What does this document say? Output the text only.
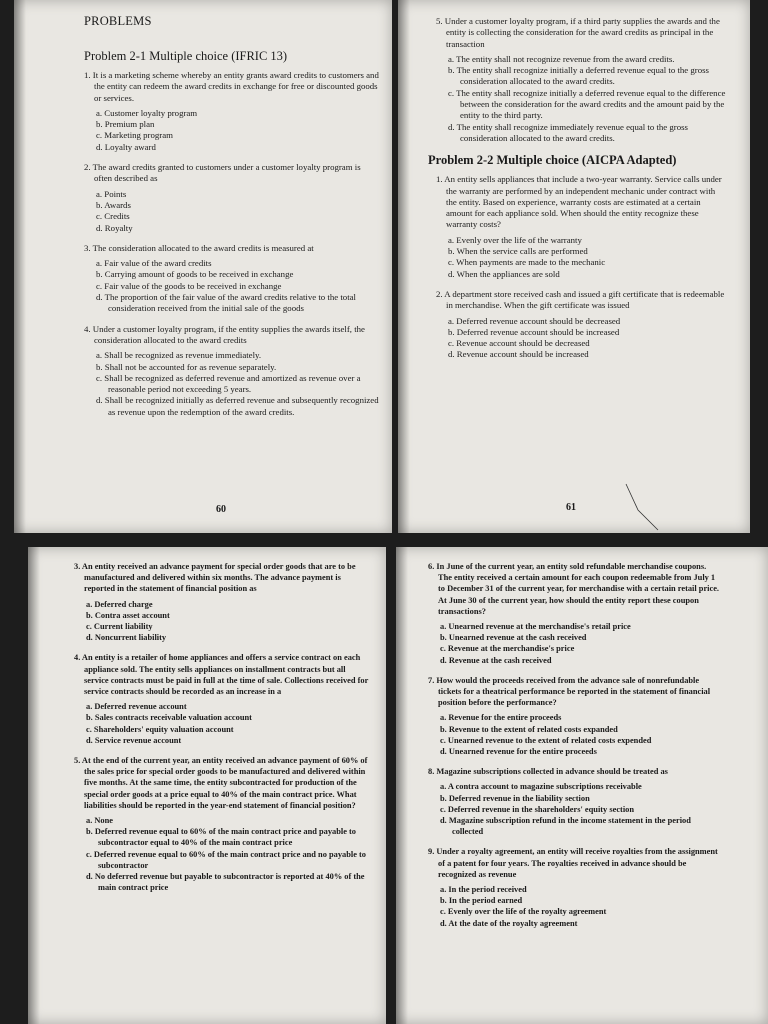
PROBLEMS
Problem 2-1 Multiple choice (IFRIC 13)
1. It is a marketing scheme whereby an entity grants award credits to customers and the entity can redeem the award credits in exchange for free or discounted goods or services.
a. Customer loyalty program
b. Premium plan
c. Marketing program
d. Loyalty award
2. The award credits granted to customers under a customer loyalty program is often described as
a. Points
b. Awards
c. Credits
d. Royalty
3. The consideration allocated to the award credits is measured at
a. Fair value of the award credits
b. Carrying amount of goods to be received in exchange
c. Fair value of the goods to be received in exchange
d. The proportion of the fair value of the award credits relative to the total consideration received from the initial sale of the goods
4. Under a customer loyalty program, if the entity supplies the awards itself, the consideration allocated to the award credits
a. Shall be recognized as revenue immediately.
b. Shall not be accounted for as revenue separately.
c. Shall be recognized as deferred revenue and amortized as revenue over a reasonable period not exceeding 5 years.
d. Shall be recognized initially as deferred revenue and subsequently recognized as revenue upon the redemption of the award credits.
60
5. Under a customer loyalty program, if a third party supplies the awards and the entity is collecting the consideration for the award credits as principal in the transaction
a. The entity shall not recognize revenue from the award credits.
b. The entity shall recognize initially a deferred revenue equal to the gross consideration allocated to the award credits.
c. The entity shall recognize initially a deferred revenue equal to the difference between the consideration for the award credits and the amount paid by the entity to the third party.
d. The entity shall recognize immediately revenue equal to the gross consideration allocated to the award credits.
Problem 2-2 Multiple choice (AICPA Adapted)
1. An entity sells appliances that include a two-year warranty. Service calls under the warranty are performed by an independent mechanic under contract with the entity. Based on experience, warranty costs are estimated at a certain amount for each appliance sold. When should the entity recognize these warranty costs?
a. Evenly over the life of the warranty
b. When the service calls are performed
c. When payments are made to the mechanic
d. When the appliances are sold
2. A department store received cash and issued a gift certificate that is redeemable in merchandise. When the gift certificate was issued
a. Deferred revenue account should be decreased
b. Deferred revenue account should be increased
c. Revenue account should be decreased
d. Revenue account should be increased
61
3. An entity received an advance payment for special order goods that are to be manufactured and delivered within six months. The advance payment is reported in the statement of financial position as
a. Deferred charge
b. Contra asset account
c. Current liability
d. Noncurrent liability
4. An entity is a retailer of home appliances and offers a service contract on each appliance sold. The entity sells appliances on installment contracts but all service contracts must be paid in full at the time of sale. Collections received for service contracts should be recorded as an increase in a
a. Deferred revenue account
b. Sales contracts receivable valuation account
c. Shareholders' equity valuation account
d. Service revenue account
5. At the end of the current year, an entity received an advance payment of 60% of the sales price for special order goods to be manufactured and delivered within five months. At the same time, the entity subcontracted for production of the special order goods at a price equal to 40% of the main contract price. What liabilities should be reported in the year-end statement of financial position?
a. None
b. Deferred revenue equal to 60% of the main contract price and payable to subcontractor equal to 40% of the main contract price
c. Deferred revenue equal to 60% of the main contract price and no payable to subcontractor
d. No deferred revenue but payable to subcontractor is reported at 40% of the main contract price
6. In June of the current year, an entity sold refundable merchandise coupons. The entity received a certain amount for each coupon redeemable from July 1 to December 31 of the current year, for merchandise with a certain retail price. At June 30 of the current year, how should the entity report these coupon transactions?
a. Unearned revenue at the merchandise's retail price
b. Unearned revenue at the cash received
c. Revenue at the merchandise's price
d. Revenue at the cash received
7. How would the proceeds received from the advance sale of nonrefundable tickets for a theatrical performance be reported in the statement of financial position before the performance?
a. Revenue for the entire proceeds
b. Revenue to the extent of related costs expanded
c. Unearned revenue to the extent of related costs expended
d. Unearned revenue for the entire proceeds
8. Magazine subscriptions collected in advance should be treated as
a. A contra account to magazine subscriptions receivable
b. Deferred revenue in the liability section
c. Deferred revenue in the shareholders' equity section
d. Magazine subscription refund in the income statement in the period collected
9. Under a royalty agreement, an entity will receive royalties from the assignment of a patent for four years. The royalties received in advance should be recognized as revenue
a. In the period received
b. In the period earned
c. Evenly over the life of the royalty agreement
d. At the date of the royalty agreement
